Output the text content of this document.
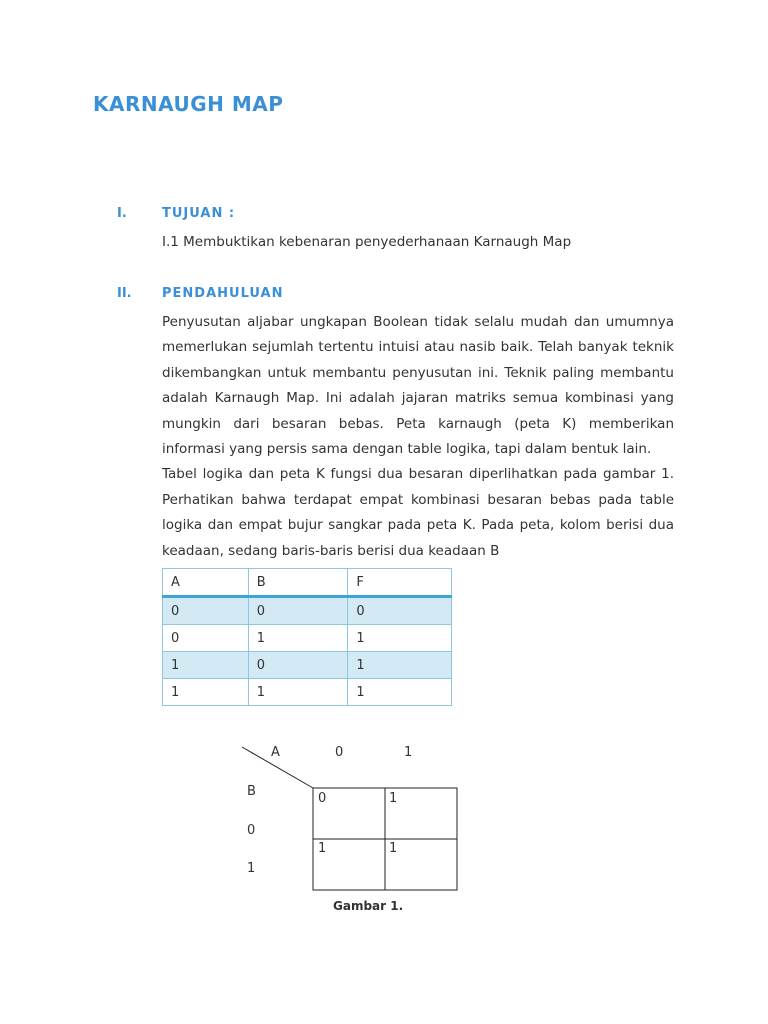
KARNAUGH MAP
I.	TUJUAN :
I.1 Membuktikan kebenaran penyederhanaan Karnaugh Map
II. PENDAHULUAN

Penyusutan aljabar ungkapan Boolean tidak selalu mudah dan umumnya memerlukan sejumlah tertentu intuisi atau nasib baik. Telah banyak teknik dikembangkan untuk membantu penyusutan ini. Teknik paling membantu adalah Karnaugh Map. Ini adalah jajaran matriks semua kombinasi yang mungkin dari besaran bebas. Peta karnaugh (peta K) memberikan informasi yang persis sama dengan table logika, tapi dalam bentuk lain.

Tabel logika dan peta K fungsi dua besaran diperlihatkan pada gambar 1. Perhatikan bahwa terdapat empat kombinasi besaran bebas pada table logika dan empat bujur sangkar pada peta K. Pada peta, kolom berisi dua keadaan, sedang baris-baris berisi dua keadaan B

A	B	F
0	0	0
0	1	1
1	0	1
1	1	1
A	0	1
B
0
1
0	1
1	1
Gambar 1.
